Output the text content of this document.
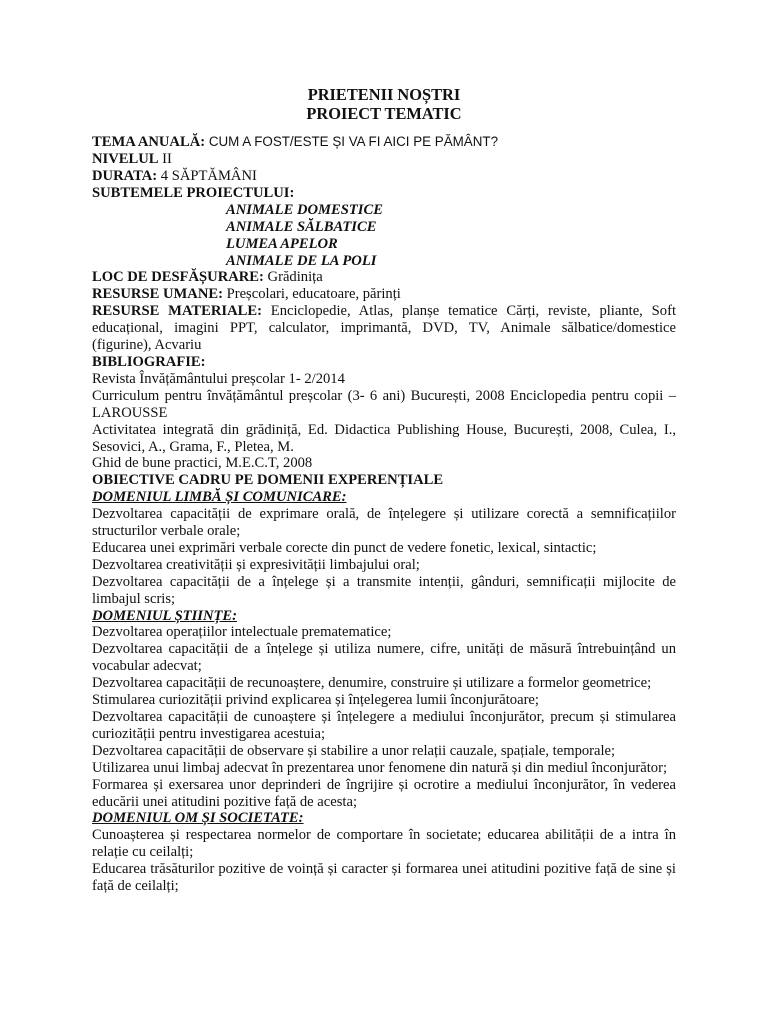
PRIETENII NOȘTRI
PROIECT TEMATIC
TEMA ANUALĂ: CUM A FOST/ESTE ȘI VA FI AICI PE PĂMÂNT?
NIVELUL II
DURATA: 4 SĂPTĂMÂNI
SUBTEMELE PROIECTULUI:
ANIMALE DOMESTICE
ANIMALE SĂLBATICE
LUMEA APELOR
ANIMALE DE LA POLI
LOC DE DESFĂȘURARE: Grădinița
RESURSE UMANE: Preșcolari, educatoare, părinți
RESURSE MATERIALE: Enciclopedie, Atlas, planșe tematice Cărți, reviste, pliante, Soft educațional, imagini PPT, calculator, imprimantă, DVD, TV, Animale sălbatice/domestice (figurine), Acvariu
BIBLIOGRAFIE:
Revista Învățământului preșcolar 1- 2/2014
Curriculum pentru învățământul preșcolar (3- 6 ani) București, 2008 Enciclopedia pentru copii – LAROUSSE
Activitatea integrată din grădiniță, Ed. Didactica Publishing House, București, 2008, Culea, I., Sesovici, A., Grama, F., Pletea, M.
Ghid de bune practici, M.E.C.T, 2008
OBIECTIVE CADRU PE DOMENII EXPERENȚIALE
DOMENIUL LIMBĂ ȘI COMUNICARE:
Dezvoltarea capacității de exprimare orală, de înțelegere și utilizare corectă a semnificațiilor structurilor verbale orale;
Educarea unei exprimări verbale corecte din punct de vedere fonetic, lexical, sintactic;
Dezvoltarea creativității și expresivității limbajului oral;
Dezvoltarea capacității de a înțelege și a transmite intenții, gânduri, semnificații mijlocite de limbajul scris;
DOMENIUL ȘTIINȚE:
Dezvoltarea operațiilor intelectuale prematematice;
Dezvoltarea capacității de a înțelege și utiliza numere, cifre, unități de măsură întrebuințând un vocabular adecvat;
Dezvoltarea capacității de recunoaștere, denumire, construire și utilizare a formelor geometrice;
Stimularea curiozității privind explicarea și înțelegerea lumii înconjurătoare;
Dezvoltarea capacității de cunoaștere și înțelegere a mediului înconjurător, precum și stimularea curiozității pentru investigarea acestuia;
Dezvoltarea capacității de observare și stabilire a unor relații cauzale, spațiale, temporale;
Utilizarea unui limbaj adecvat în prezentarea unor fenomene din natură și din mediul înconjurător;
Formarea și exersarea unor deprinderi de îngrijire și ocrotire a mediului înconjurător, în vederea educării unei atitudini pozitive față de acesta;
DOMENIUL OM ȘI SOCIETATE:
Cunoașterea și respectarea normelor de comportare în societate; educarea abilității de a intra în relație cu ceilalți;
Educarea trăsăturilor pozitive de voință și caracter și formarea unei atitudini pozitive față de sine și față de ceilalți;
